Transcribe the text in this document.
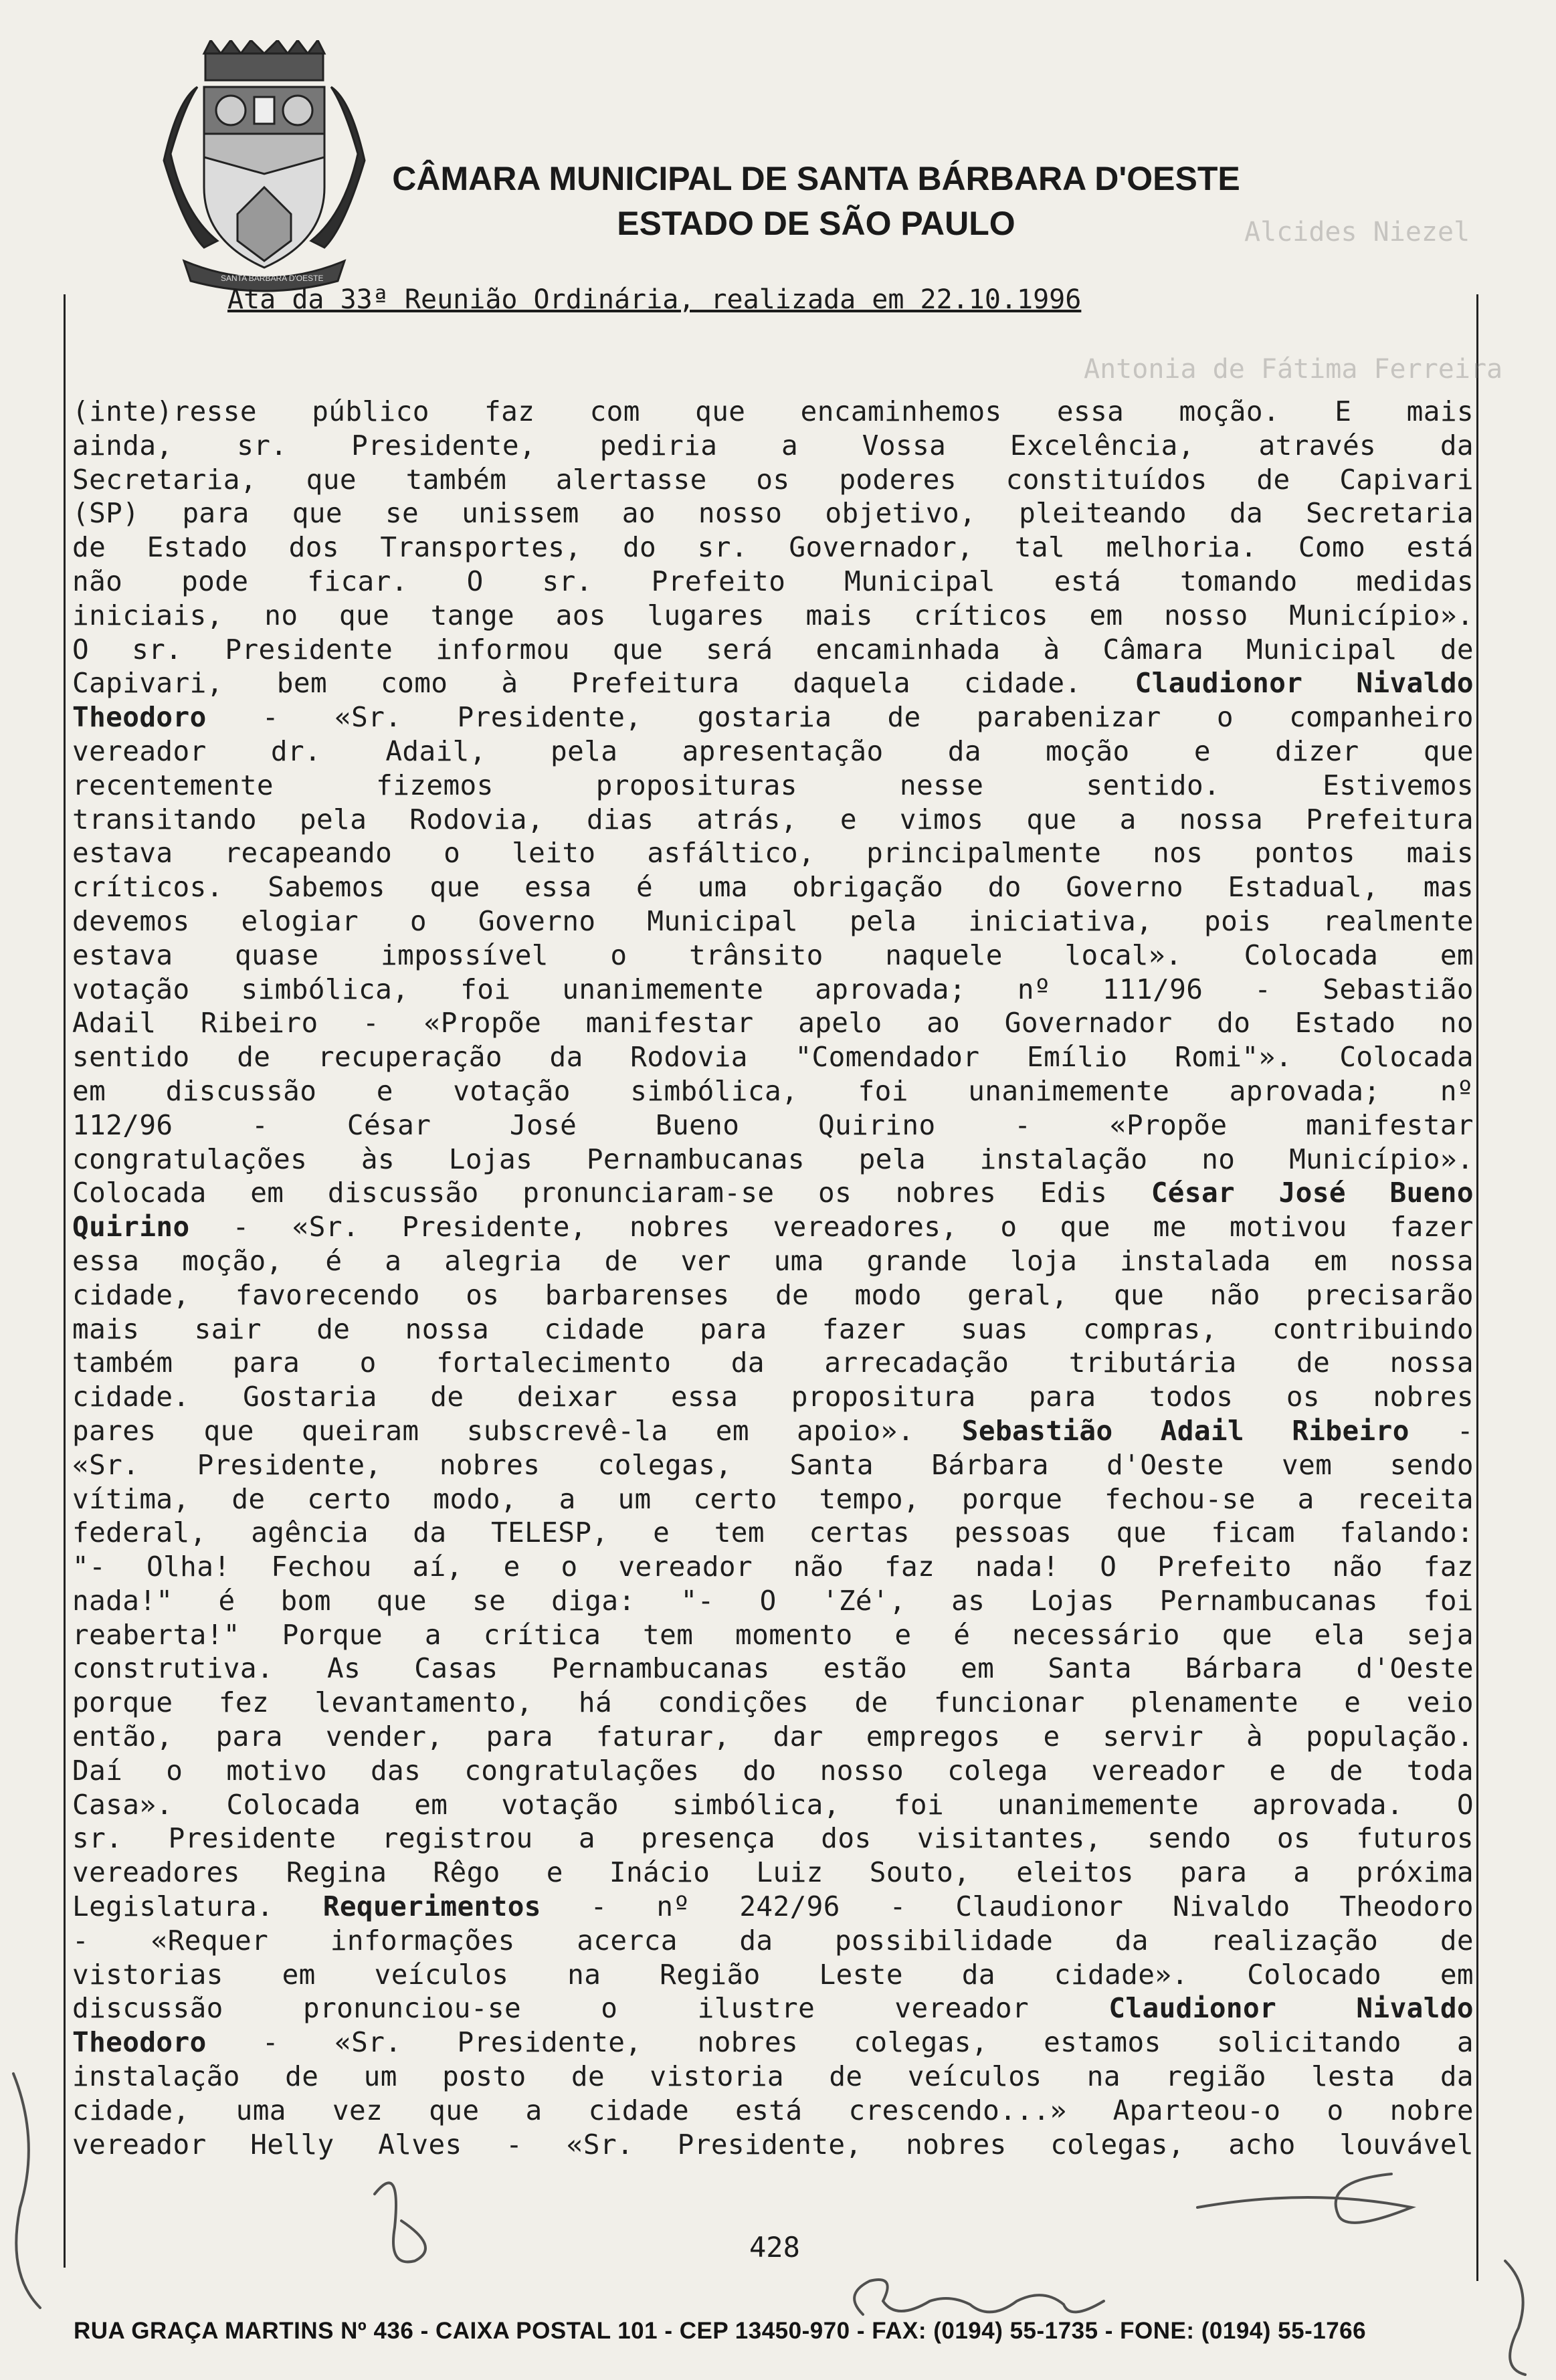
CÂMARA MUNICIPAL DE SANTA BÁRBARA D'OESTE
ESTADO DE SÃO PAULO
Ata da 33ª Reunião Ordinária, realizada em 22.10.1996
(inte)resse público faz com que encaminhemos essa moção. E mais
ainda, sr. Presidente, pediria a Vossa Excelência, através da
Secretaria, que também alertasse os poderes constituídos de Capivari
(SP) para que se unissem ao nosso objetivo, pleiteando da Secretaria
de Estado dos Transportes, do sr. Governador, tal melhoria. Como está
não pode ficar. O sr. Prefeito Municipal está tomando medidas
iniciais, no que tange aos lugares mais críticos em nosso Município».
O sr. Presidente informou que será encaminhada à Câmara Municipal de
Capivari, bem como à Prefeitura daquela cidade. Claudionor Nivaldo
Theodoro - «Sr. Presidente, gostaria de parabenizar o companheiro
vereador dr. Adail, pela apresentação da moção e dizer que
recentemente fizemos proposituras nesse sentido. Estivemos
transitando pela Rodovia, dias atrás, e vimos que a nossa Prefeitura
estava recapeando o leito asfáltico, principalmente nos pontos mais
críticos. Sabemos que essa é uma obrigação do Governo Estadual, mas
devemos elogiar o Governo Municipal pela iniciativa, pois realmente
estava quase impossível o trânsito naquele local». Colocada em
votação simbólica, foi unanimemente aprovada; nº 111/96 - Sebastião
Adail Ribeiro - «Propõe manifestar apelo ao Governador do Estado no
sentido de recuperação da Rodovia "Comendador Emílio Romi"». Colocada
em discussão e votação simbólica, foi unanimemente aprovada; nº
112/96 - César José Bueno Quirino - «Propõe manifestar
congratulações às Lojas Pernambucanas pela instalação no Município».
Colocada em discussão pronunciaram-se os nobres Edis César José Bueno
Quirino - «Sr. Presidente, nobres vereadores, o que me motivou fazer
essa moção, é a alegria de ver uma grande loja instalada em nossa
cidade, favorecendo os barbarenses de modo geral, que não precisarão
mais sair de nossa cidade para fazer suas compras, contribuindo
também para o fortalecimento da arrecadação tributária de nossa
cidade. Gostaria de deixar essa propositura para todos os nobres
pares que queiram subscrevê-la em apoio». Sebastião Adail Ribeiro -
«Sr. Presidente, nobres colegas, Santa Bárbara d'Oeste vem sendo
vítima, de certo modo, a um certo tempo, porque fechou-se a receita
federal, agência da TELESP, e tem certas pessoas que ficam falando:
"- Olha! Fechou aí, e o vereador não faz nada! O Prefeito não faz
nada!" é bom que se diga: "- O 'Zé', as Lojas Pernambucanas foi
reaberta!" Porque a crítica tem momento e é necessário que ela seja
construtiva. As Casas Pernambucanas estão em Santa Bárbara d'Oeste
porque fez levantamento, há condições de funcionar plenamente e veio
então, para vender, para faturar, dar empregos e servir à população.
Daí o motivo das congratulações do nosso colega vereador e de toda
Casa». Colocada em votação simbólica, foi unanimemente aprovada. O
sr. Presidente registrou a presença dos visitantes, sendo os futuros
vereadores Regina Rêgo e Inácio Luiz Souto, eleitos para a próxima
Legislatura. Requerimentos - nº 242/96 - Claudionor Nivaldo Theodoro
- «Requer informações acerca da possibilidade da realização de
vistorias em veículos na Região Leste da cidade». Colocado em
discussão pronunciou-se o ilustre vereador Claudionor Nivaldo
Theodoro - «Sr. Presidente, nobres colegas, estamos solicitando a
instalação de um posto de vistoria de veículos na região lesta da
cidade, uma vez que a cidade está crescendo...» Aparteou-o o nobre
vereador Helly Alves - «Sr. Presidente, nobres colegas, acho louvável
428
RUA GRAÇA MARTINS Nº 436 - CAIXA POSTAL 101 - CEP 13450-970 - FAX: (0194) 55-1735 - FONE: (0194) 55-1766
Alcides Niezel
Antonia de Fátima Ferreira
SANTA BÁRBARA D'OESTE
